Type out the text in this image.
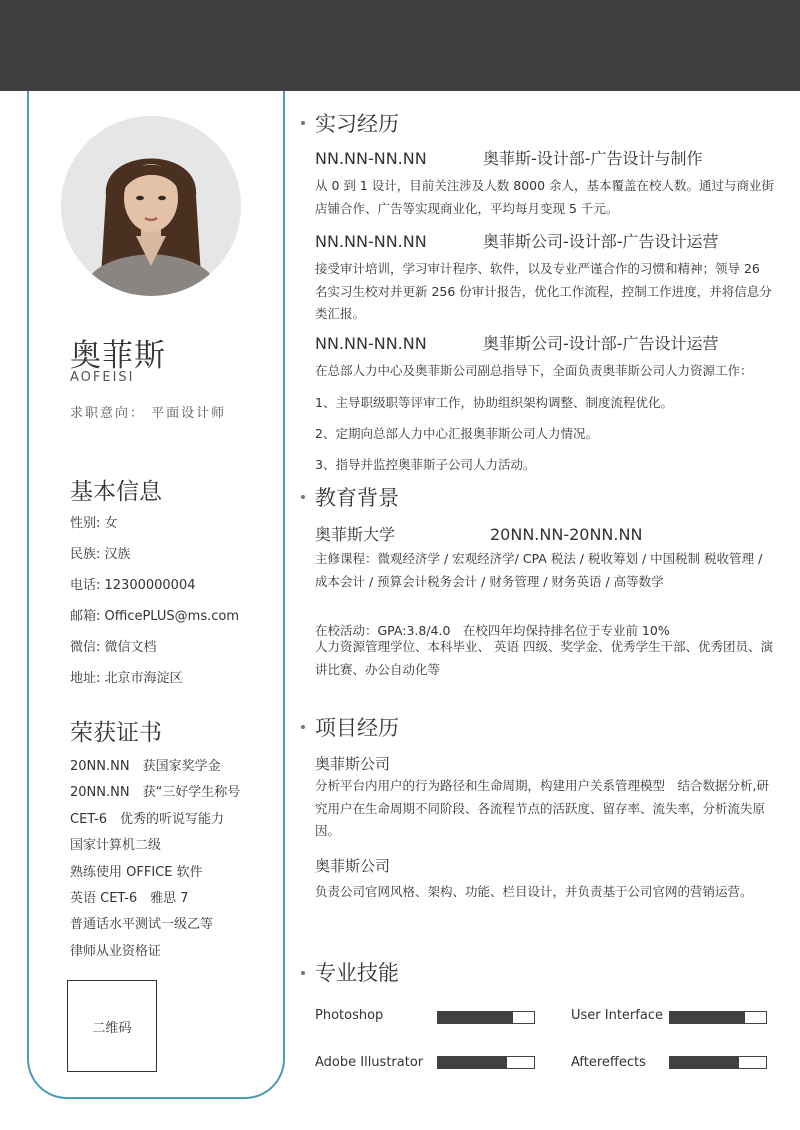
奥菲斯
AOFEISI
求职意向： 平面设计师
基本信息
性别: 女
民族: 汉族
电话: 12300000004
邮箱: OfficePLUS@ms.com
微信: 微信文档
地址: 北京市海淀区
荣获证书
20NN.NN　获国家奖学金
20NN.NN　获“三好学生称号
CET-6　优秀的听说写能力
国家计算机二级
熟练使用 OFFICE 软件
英语 CET-6　雅思 7
普通话水平测试一级乙等
律师从业资格证
二维码
实习经历
NN.NN-NN.NN	奥菲斯-设计部-广告设计与制作
从 0 到 1 设计，目前关注涉及人数 8000 余人，基本覆盖在校人数。通过与商业街店铺合作、广告等实现商业化，平均每月变现 5 千元。
NN.NN-NN.NN	奥菲斯公司-设计部-广告设计运营
接受审计培训，学习审计程序、软件，以及专业严谨合作的习惯和精神；领导 26 名实习生校对并更新 256 份审计报告，优化工作流程，控制工作进度，并将信息分类汇报。
NN.NN-NN.NN	奥菲斯公司-设计部-广告设计运营
在总部人力中心及奥菲斯公司副总指导下，全面负责奥菲斯公司人力资源工作：
1、主导职级职等评审工作，协助组织架构调整、制度流程优化。
2、定期向总部人力中心汇报奥菲斯公司人力情况。
3、指导并监控奥菲斯子公司人力活动。
教育背景
奥菲斯大学	20NN.NN-20NN.NN
主修课程：微观经济学 / 宏观经济学/ CPA 税法 / 税收筹划 / 中国税制 税收管理 / 成本会计 / 预算会计税务会计 / 财务管理 / 财务英语 / 高等数学
在校活动：GPA:3.8/4.0　在校四年均保持排名位于专业前 10%
人力资源管理学位、本科毕业、 英语 四级、奖学金、优秀学生干部、优秀团员、演讲比赛、办公自动化等
项目经历
奥菲斯公司
分析平台内用户的行为路径和生命周期，构建用户关系管理模型　结合数据分析,研究用户在生命周期不同阶段、各流程节点的活跃度、留存率、流失率，分析流失原因。
奥菲斯公司
负责公司官网风格、架构、功能、栏目设计，并负责基于公司官网的营销运营。
专业技能
Photoshop	User Interface
Adobe Illustrator	Aftereffects
